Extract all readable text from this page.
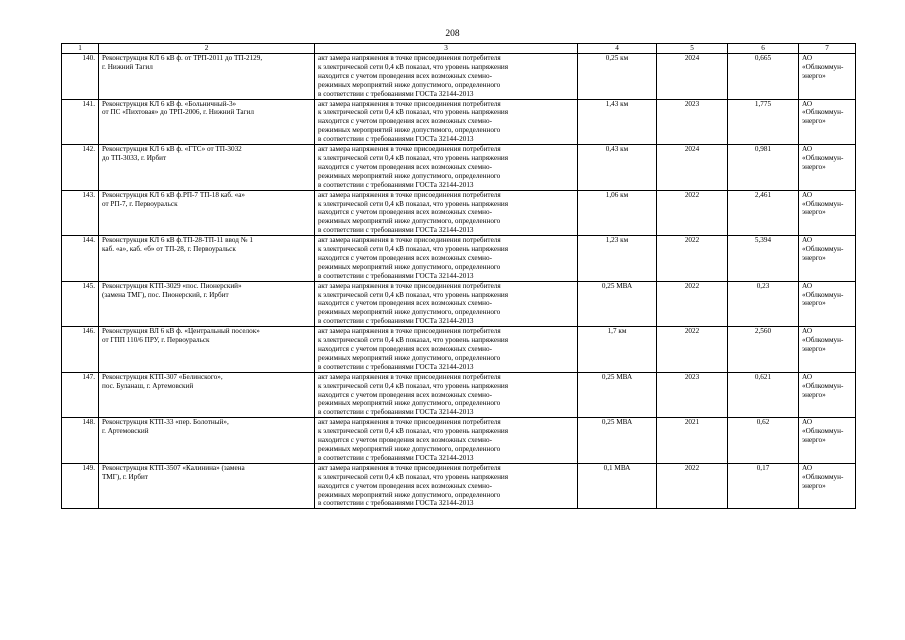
208
1	2	3	4	5	6	7
140.	Реконструкция КЛ 6 кВ ф. от ТРП-2011 до ТП-2129,
г. Нижний Тагил	акт замера напряжения в точке присоединения потребителя
к электрической сети 0,4 кВ показал, что уровень напряжения
находится с учетом проведения всех возможных схемно-
режимных мероприятий ниже допустимого, определенного
в соответствии с требованиями ГОСТа 32144-2013	0,25 км	2024	0,665	АО «Облкоммун-
энерго»
141.	Реконструкция КЛ 6 кВ ф. «Больничный-3»
от ПС «Пихтовая» до ТРП-2006, г. Нижний Тагил	акт замера напряжения в точке присоединения потребителя
к электрической сети 0,4 кВ показал, что уровень напряжения
находится с учетом проведения всех возможных схемно-
режимных мероприятий ниже допустимого, определенного
в соответствии с требованиями ГОСТа 32144-2013	1,43 км	2023	1,775	АО «Облкоммун-
энерго»
142.	Реконструкция КЛ 6 кВ ф. «ГТС» от ТП-3032
до ТП-3033, г. Ирбит	акт замера напряжения в точке присоединения потребителя
к электрической сети 0,4 кВ показал, что уровень напряжения
находится с учетом проведения всех возможных схемно-
режимных мероприятий ниже допустимого, определенного
в соответствии с требованиями ГОСТа 32144-2013	0,43 км	2024	0,981	АО «Облкоммун-
энерго»
143.	Реконструкция КЛ 6 кВ ф.РП-7 ТП-18 каб. «а»
от РП-7, г. Первоуральск	акт замера напряжения в точке присоединения потребителя
к электрической сети 0,4 кВ показал, что уровень напряжения
находится с учетом проведения всех возможных схемно-
режимных мероприятий ниже допустимого, определенного
в соответствии с требованиями ГОСТа 32144-2013	1,06 км	2022	2,461	АО «Облкоммун-
энерго»
144.	Реконструкция КЛ 6 кВ ф.ТП-28-ТП-11 ввод № 1
каб. «а», каб. «б» от ТП-28, г. Первоуральск	акт замера напряжения в точке присоединения потребителя
к электрической сети 0,4 кВ показал, что уровень напряжения
находится с учетом проведения всех возможных схемно-
режимных мероприятий ниже допустимого, определенного
в соответствии с требованиями ГОСТа 32144-2013	1,23 км	2022	5,394	АО «Облкоммун-
энерго»
145.	Реконструкция КТП-3029 «пос. Пионерский»
(замена ТМГ), пос. Пионерский, г. Ирбит	акт замера напряжения в точке присоединения потребителя
к электрической сети 0,4 кВ показал, что уровень напряжения
находится с учетом проведения всех возможных схемно-
режимных мероприятий ниже допустимого, определенного
в соответствии с требованиями ГОСТа 32144-2013	0,25 МВА	2022	0,23	АО «Облкоммун-
энерго»
146.	Реконструкция ВЛ 6 кВ ф. «Центральный поселок»
от ГПП 110/6 ПРУ, г. Первоуральск	акт замера напряжения в точке присоединения потребителя
к электрической сети 0,4 кВ показал, что уровень напряжения
находится с учетом проведения всех возможных схемно-
режимных мероприятий ниже допустимого, определенного
в соответствии с требованиями ГОСТа 32144-2013	1,7 км	2022	2,560	АО «Облкоммун-
энерго»
147.	Реконструкция КТП-307 «Белинского»,
пос. Буланаш, г. Артемовский	акт замера напряжения в точке присоединения потребителя
к электрической сети 0,4 кВ показал, что уровень напряжения
находится с учетом проведения всех возможных схемно-
режимных мероприятий ниже допустимого, определенного
в соответствии с требованиями ГОСТа 32144-2013	0,25 МВА	2023	0,621	АО «Облкоммун-
энерго»
148.	Реконструкция КТП-33 «пер. Болотный»,
г. Артемовский	акт замера напряжения в точке присоединения потребителя
к электрической сети 0,4 кВ показал, что уровень напряжения
находится с учетом проведения всех возможных схемно-
режимных мероприятий ниже допустимого, определенного
в соответствии с требованиями ГОСТа 32144-2013	0,25 МВА	2021	0,62	АО «Облкоммун-
энерго»
149.	Реконструкция КТП-3507 «Калинина» (замена
ТМГ), г. Ирбит	акт замера напряжения в точке присоединения потребителя
к электрической сети 0,4 кВ показал, что уровень напряжения
находится с учетом проведения всех возможных схемно-
режимных мероприятий ниже допустимого, определенного
в соответствии с требованиями ГОСТа 32144-2013	0,1 МВА	2022	0,17	АО «Облкоммун-
энерго»
